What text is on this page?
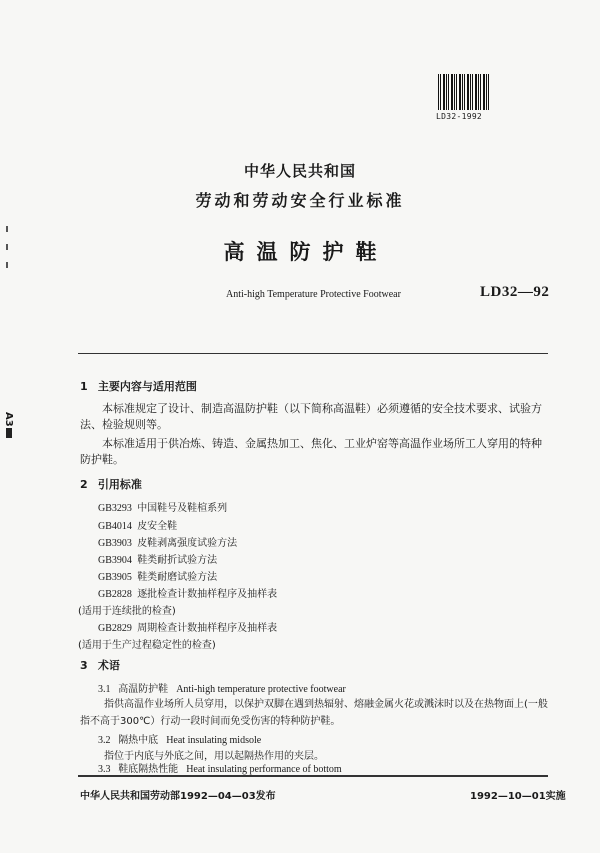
LD32-1992
A3
中华人民共和国
劳动和劳动安全行业标准
高温防护鞋
Anti-high Temperature Protective Footwear	LD32—92
1 主要内容与适用范围
本标准规定了设计、制造高温防护鞋（以下简称高温鞋）必须遵循的安全技术要求、试验方法、检验规则等。
本标准适用于供冶炼、铸造、金属热加工、焦化、工业炉窑等高温作业场所工人穿用的特种防护鞋。
2 引用标准
GB3293 中国鞋号及鞋楦系列
GB4014 皮安全鞋
GB3903 皮鞋剥离强度试验方法
GB3904 鞋类耐折试验方法
GB3905 鞋类耐磨试验方法
GB2828 逐批检查计数抽样程序及抽样表
(适用于连续批的检查)
GB2829 周期检查计数抽样程序及抽样表
(适用于生产过程稳定性的检查)
3 术语
3.1 高温防护鞋 Anti-high temperature protective footwear
指供高温作业场所人员穿用，以保护双脚在遇到热辐射、熔融金属火花或溅沫时以及在热物面上(一般指不高于300℃）行动一段时间而免受伤害的特种防护鞋。
3.2 隔热中底 Heat insulating midsole
指位于内底与外底之间，用以起隔热作用的夹层。
3.3 鞋底隔热性能 Heat insulating performance of bottom
中华人民共和国劳动部1992—04—03发布	1992—10—01实施
